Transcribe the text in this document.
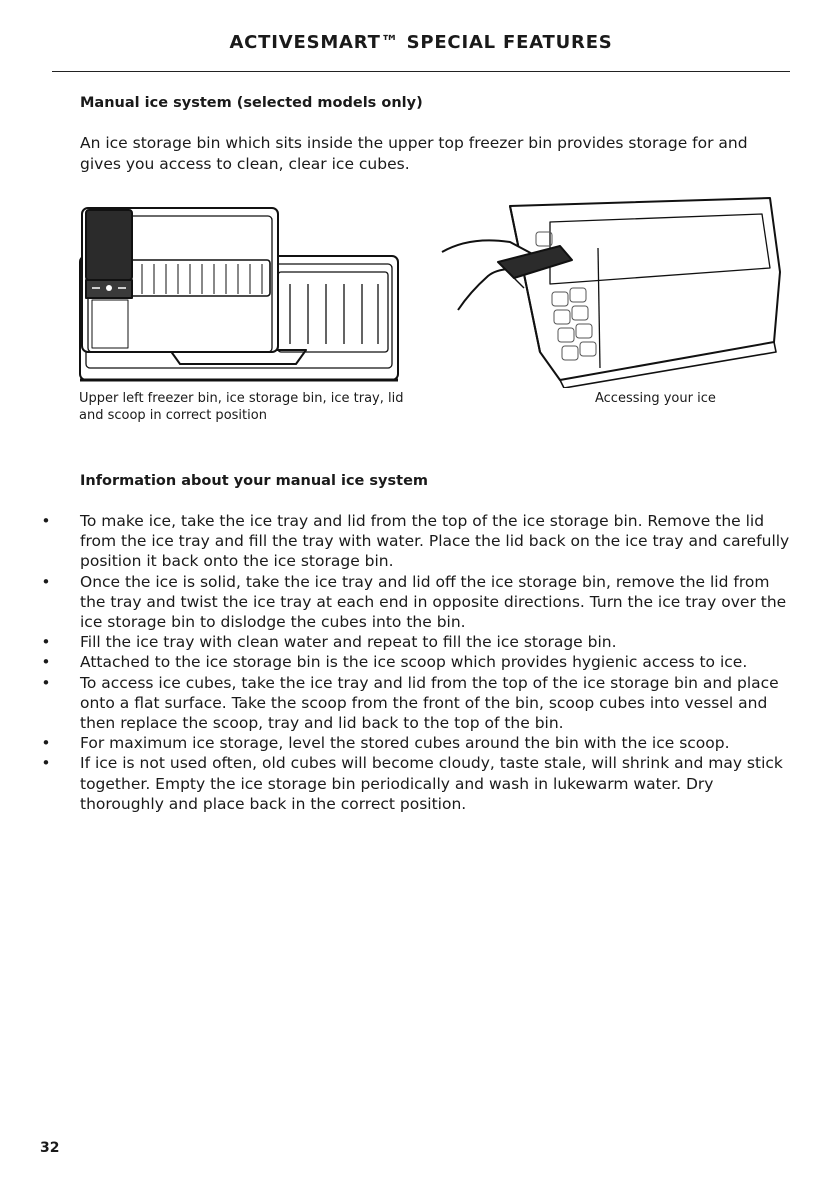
ACTIVESMART™ SPECIAL FEATURES
Manual ice system (selected models only)
An ice storage bin which sits inside the upper top freezer bin provides storage for and gives you access to clean, clear ice cubes.
Upper left freezer bin, ice storage bin, ice tray, lid and scoop in correct position
Accessing your ice
Information about your manual ice system
• To make ice, take the ice tray and lid from the top of the ice storage bin. Remove the lid from the ice tray and fill the tray with water. Place the lid back on the ice tray and carefully position it back onto the ice storage bin.
• Once the ice is solid, take the ice tray and lid off the ice storage bin, remove the lid from the tray and twist the ice tray at each end in opposite directions. Turn the ice tray over the ice storage bin to dislodge the cubes into the bin.
• Fill the ice tray with clean water and repeat to fill the ice storage bin.
• Attached to the ice storage bin is the ice scoop which provides hygienic access to ice.
• To access ice cubes, take the ice tray and lid from the top of the ice storage bin and place onto a flat surface. Take the scoop from the front of the bin, scoop cubes into vessel and then replace the scoop, tray and lid back to the top of the bin.
• For maximum ice storage, level the stored cubes around the bin with the ice scoop.
• If ice is not used often, old cubes will become cloudy, taste stale, will shrink and may stick together. Empty the ice storage bin periodically and wash in lukewarm water. Dry thoroughly and place back in the correct position.
32
